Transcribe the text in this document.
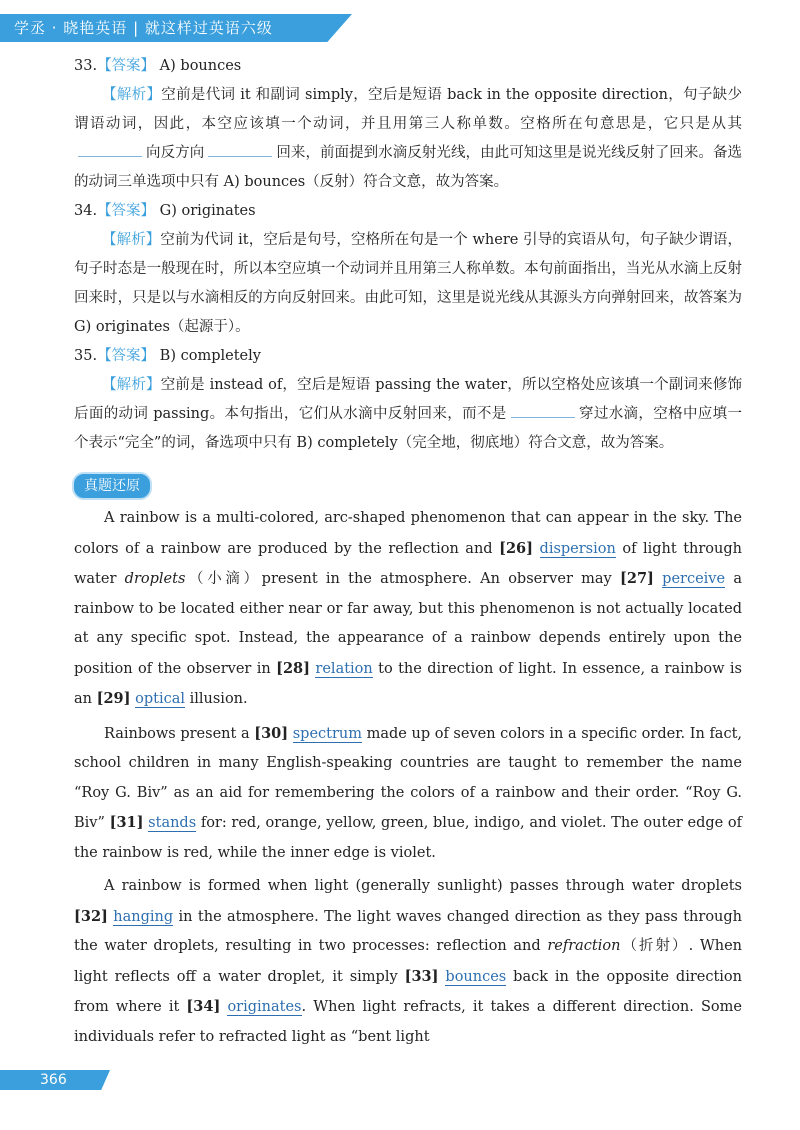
学丞 · 晓艳英语 | 就这样过英语六级

33.【答案】 A) bounces

【解析】空前是代词 it 和副词 simply，空后是短语 back in the opposite direction，句子缺少谓语动词，因此，本空应该填一个动词，并且用第三人称单数。空格所在句意思是，它只是从其向反方向	回来，前面提到水滴反射光线，由此可知这里是说光线反射了回来。备选的动词三单选项中只有 A) bounces（反射）符合文意，故为答案。

34.【答案】 G) originates

【解析】空前为代词 it，空后是句号，空格所在句是一个 where 引导的宾语从句，句子缺少谓语，句子时态是一般现在时，所以本空应填一个动词并且用第三人称单数。本句前面指出，当光从水滴上反射回来时，只是以与水滴相反的方向反射回来。由此可知，这里是说光线从其源头方向弹射回来，故答案为 G) originates（起源于）。

35.【答案】 B) completely

【解析】空前是 instead of，空后是短语 passing the water，所以空格处应该填一个副词来修饰后面的动词 passing。本句指出，它们从水滴中反射回来，而不是	穿过水滴，空格中应填一个表示“完全”的词，备选项中只有 B) completely（完全地，彻底地）符合文意，故为答案。

真题还原

A rainbow is a multi-colored, arc-shaped phenomenon that can appear in the sky. The colors of a rainbow are produced by the reflection and [26] dispersion of light through water droplets（小滴）present in the atmosphere. An observer may [27] perceive a rainbow to be located either near or far away, but this phenomenon is not actually located at any specific spot. Instead, the appearance of a rainbow depends entirely upon the position of the observer in [28] relation to the direction of light. In essence, a rainbow is an [29] optical illusion.

Rainbows present a [30] spectrum made up of seven colors in a specific order. In fact, school children in many English-speaking countries are taught to remember the name “Roy G. Biv” as an aid for remembering the colors of a rainbow and their order. “Roy G. Biv” [31] stands for: red, orange, yellow, green, blue, indigo, and violet. The outer edge of the rainbow is red, while the inner edge is violet.

A rainbow is formed when light (generally sunlight) passes through water droplets [32] hanging in the atmosphere. The light waves changed direction as they pass through the water droplets, resulting in two processes: reflection and refraction（折射）. When light reflects off a water droplet, it simply [33] bounces back in the opposite direction from where it [34] originates. When light refracts, it takes a different direction. Some individuals refer to refracted light as “bent light

366
